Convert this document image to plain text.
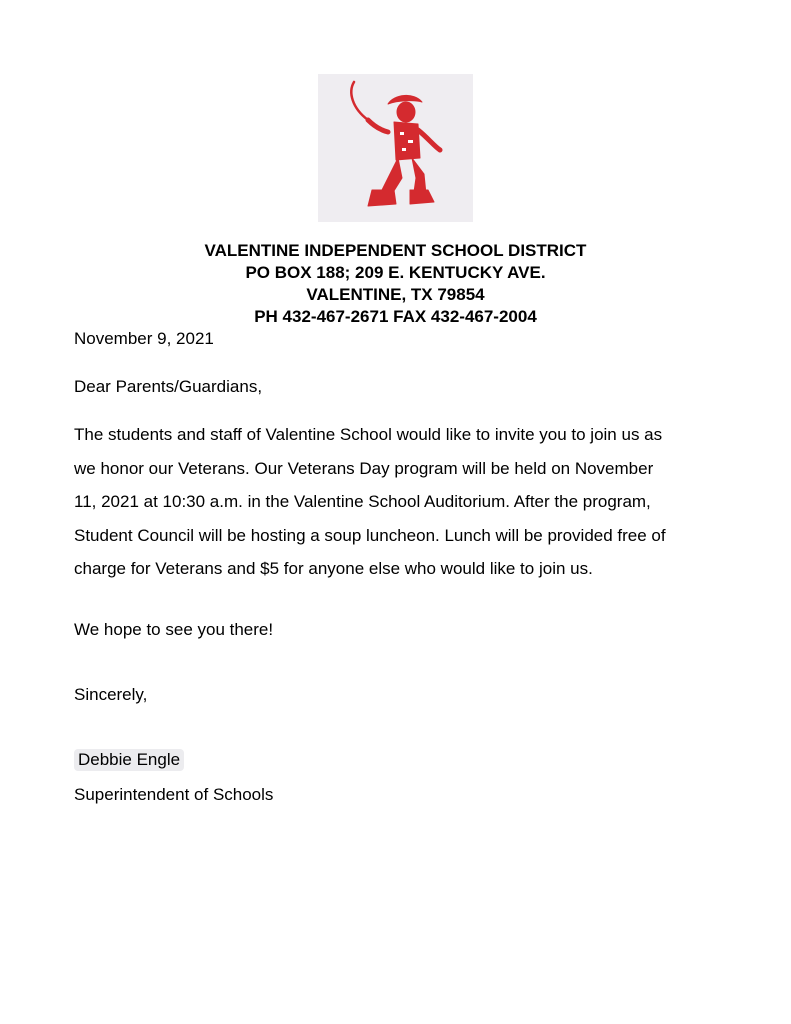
VALENTINE INDEPENDENT SCHOOL DISTRICT
PO BOX 188; 209 E. KENTUCKY AVE.
VALENTINE, TX 79854
PH 432-467-2671 FAX 432-467-2004
November 9, 2021
Dear Parents/Guardians,
The students and staff of Valentine School would like to invite you to join us as
we honor our Veterans. Our Veterans Day program will be held on November
11, 2021 at 10:30 a.m. in the Valentine School Auditorium. After the program,
Student Council will be hosting a soup luncheon. Lunch will be provided free of
charge for Veterans and $5 for anyone else who would like to join us.
We hope to see you there!
Sincerely,
Debbie Engle
Superintendent of Schools
